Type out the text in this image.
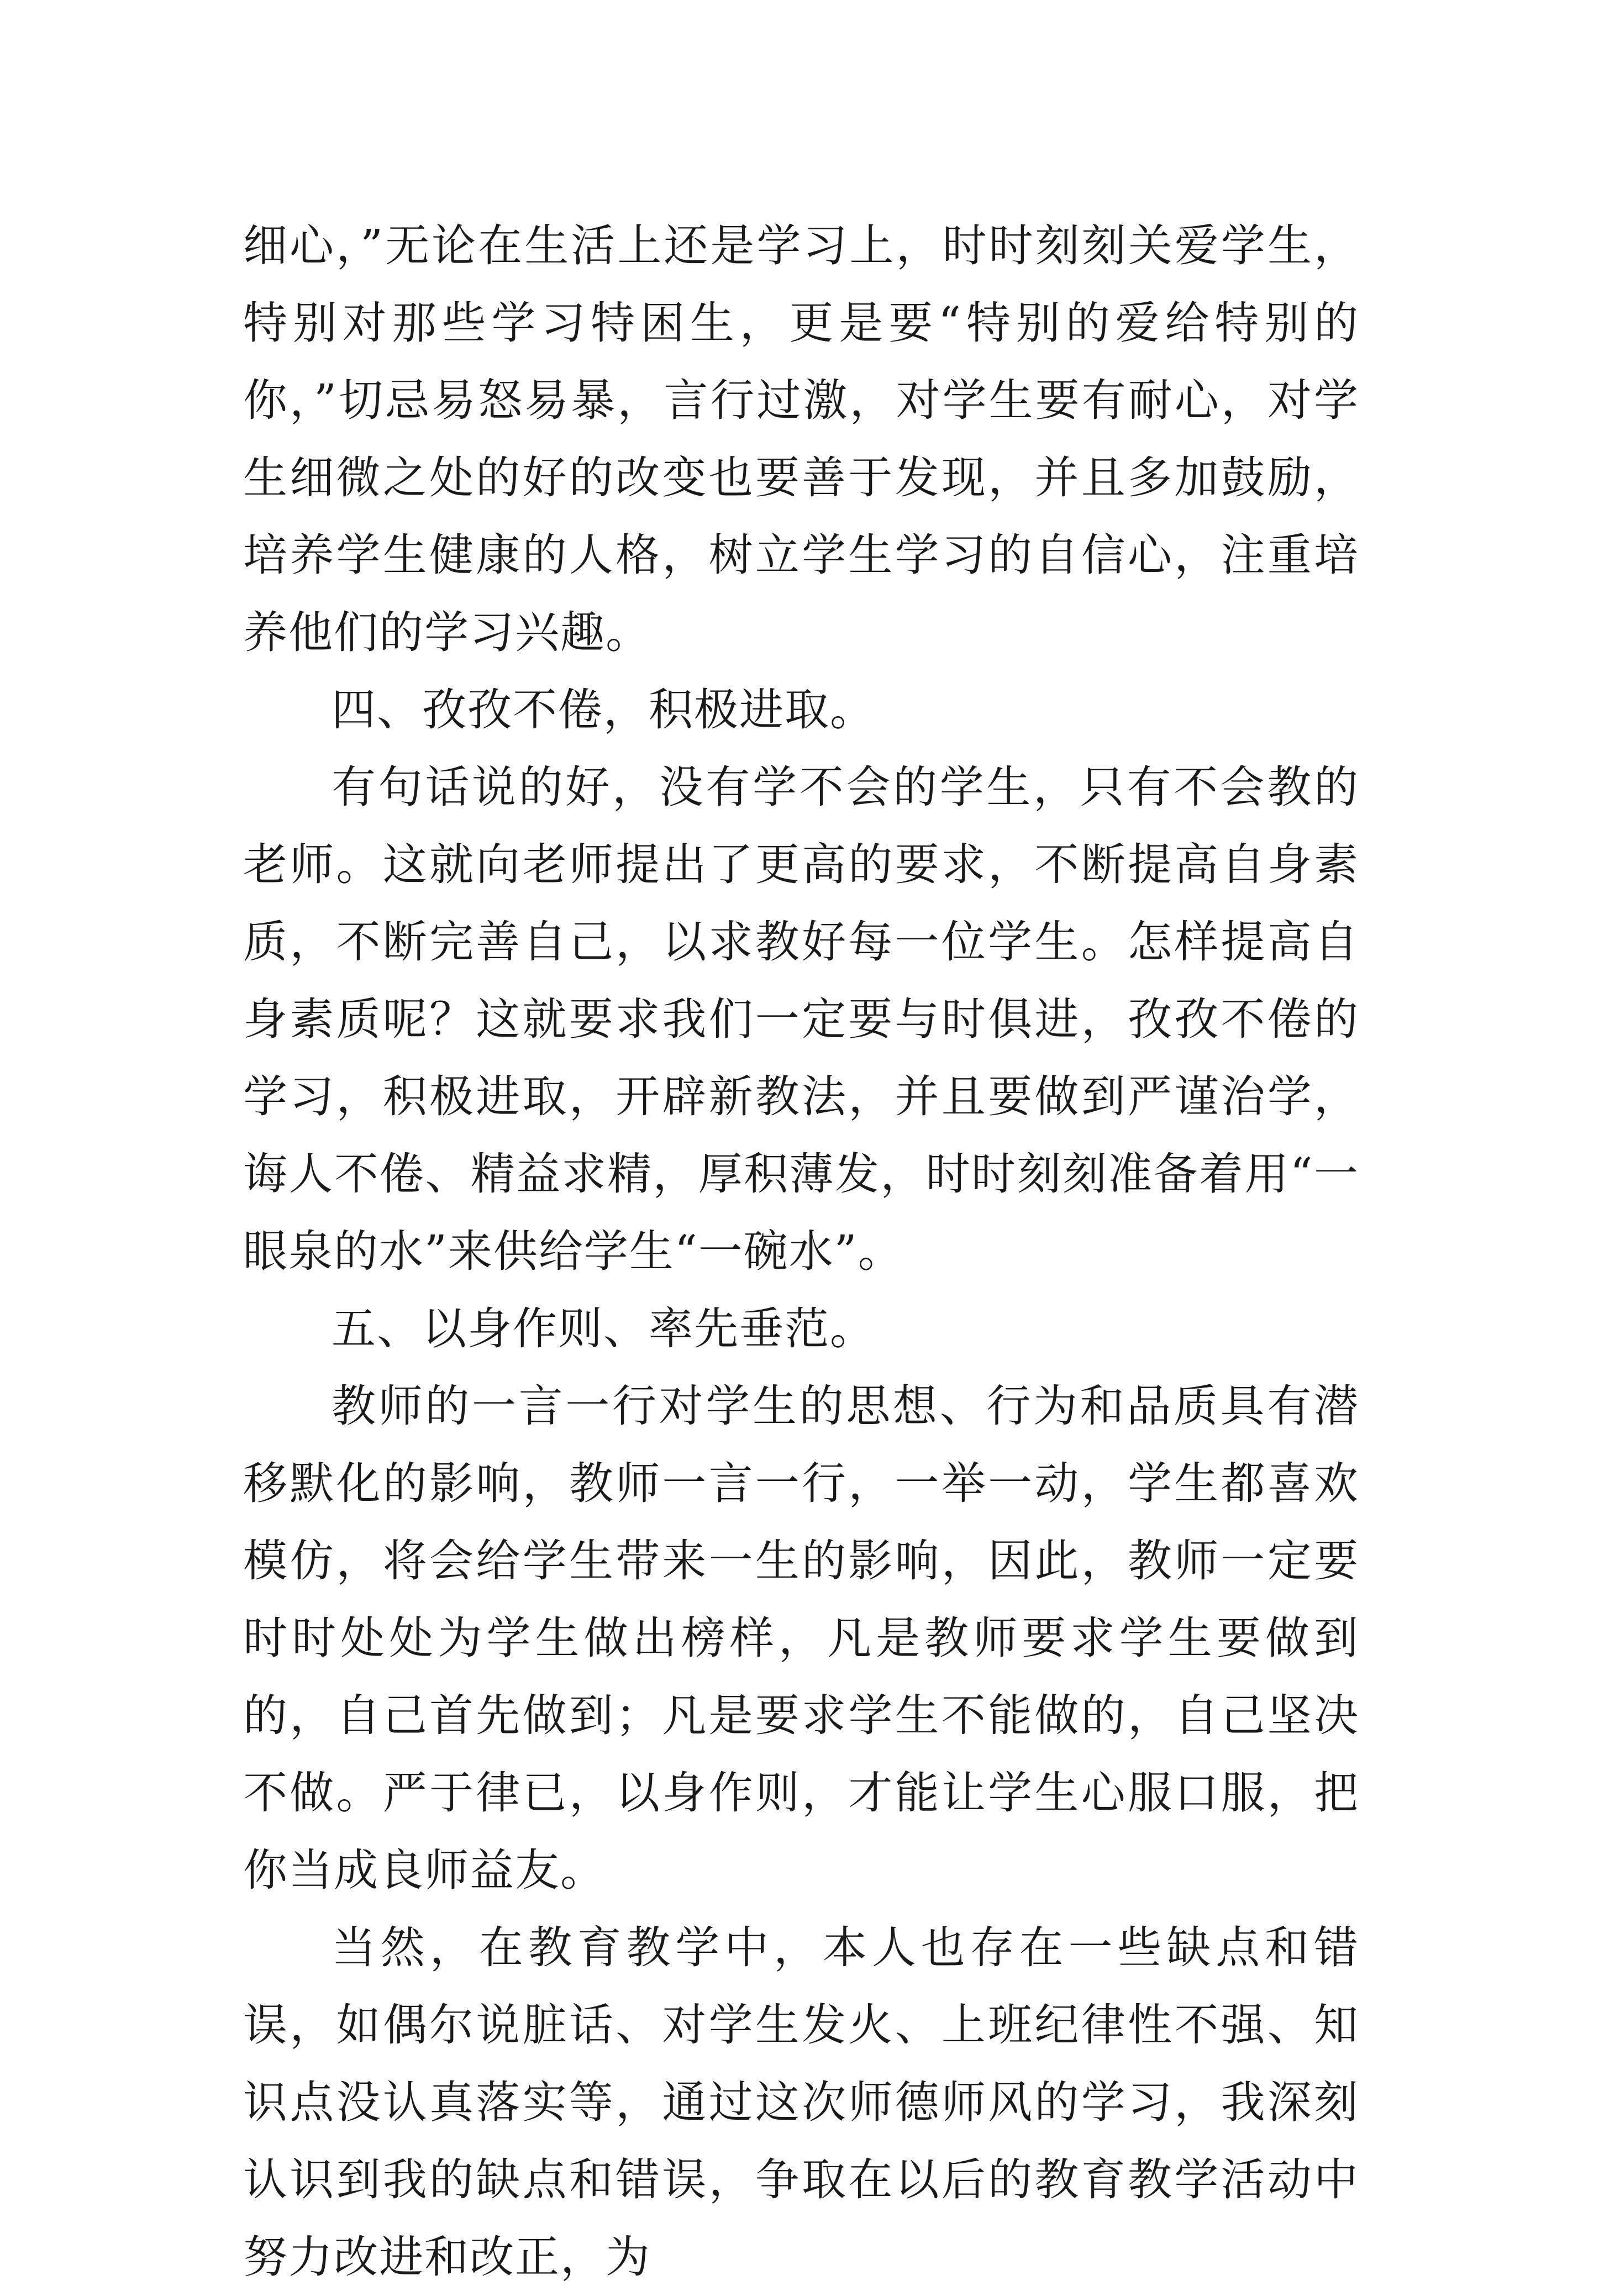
细心，”无论在生活上还是学习上，时时刻刻关爱学生，特别对那些学习特困生，更是要“特别的爱给特别的你，”切忌易怒易暴，言行过激，对学生要有耐心，对学生细微之处的好的改变也要善于发现，并且多加鼓励，培养学生健康的人格，树立学生学习的自信心，注重培养他们的学习兴趣。

四、孜孜不倦，积极进取。

有句话说的好，没有学不会的学生，只有不会教的老师。这就向老师提出了更高的要求，不断提高自身素质，不断完善自己，以求教好每一位学生。怎样提高自身素质呢？这就要求我们一定要与时俱进，孜孜不倦的学习，积极进取，开辟新教法，并且要做到严谨治学，诲人不倦、精益求精，厚积薄发，时时刻刻准备着用“一眼泉的水”来供给学生“一碗水”。

五、以身作则、率先垂范。

教师的一言一行对学生的思想、行为和品质具有潜移默化的影响，教师一言一行，一举一动，学生都喜欢模仿，将会给学生带来一生的影响，因此，教师一定要时时处处为学生做出榜样，凡是教师要求学生要做到的，自己首先做到；凡是要求学生不能做的，自己坚决不做。严于律已，以身作则，才能让学生心服口服，把你当成良师益友。

当然，在教育教学中，本人也存在一些缺点和错误，如偶尔说脏话、对学生发火、上班纪律性不强、知识点没认真落实等，通过这次师德师风的学习，我深刻认识到我的缺点和错误，争取在以后的教育教学活动中努力改进和改正，为
